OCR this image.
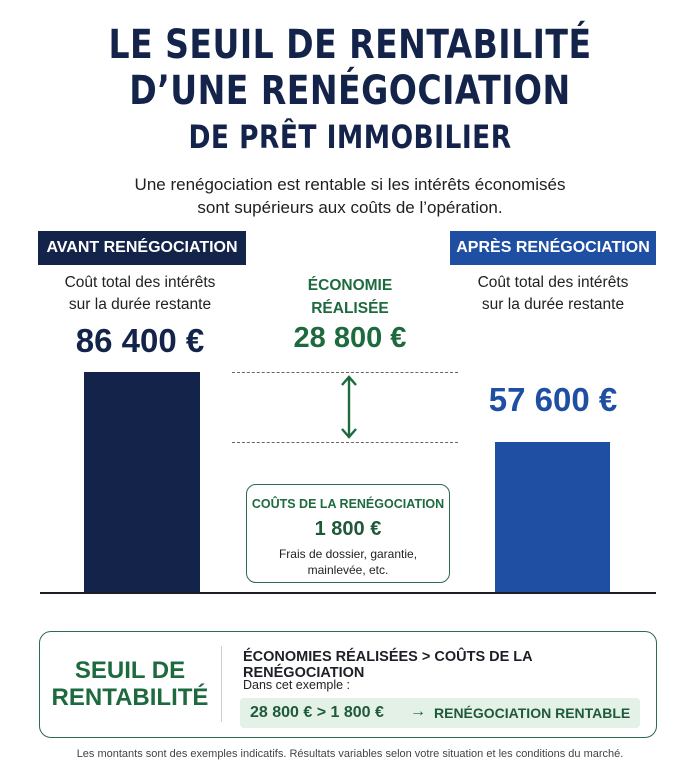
LE SEUIL DE RENTABILITÉ
D’UNE RENÉGOCIATION
DE PRÊT IMMOBILIER
Une renégociation est rentable si les intérêts économisés
sont supérieurs aux coûts de l’opération.
AVANT RENÉGOCIATION	APRÈS RENÉGOCIATION
Coût total des intérêts
sur la durée restante
Coût total des intérêts
sur la durée restante
86 400 €
57 600 €
ÉCONOMIE
RÉALISÉE
28 800 €
COÛTS DE LA RENÉGOCIATION
1 800 €
Frais de dossier, garantie,
mainlevée, etc.
SEUIL DE
RENTABILITÉ
ÉCONOMIES RÉALISÉES > COÛTS DE LA RENÉGOCIATION
Dans cet exemple :
28 800 € > 1 800 € → RENÉGOCIATION RENTABLE
Les montants sont des exemples indicatifs. Résultats variables selon votre situation et les conditions du marché.
